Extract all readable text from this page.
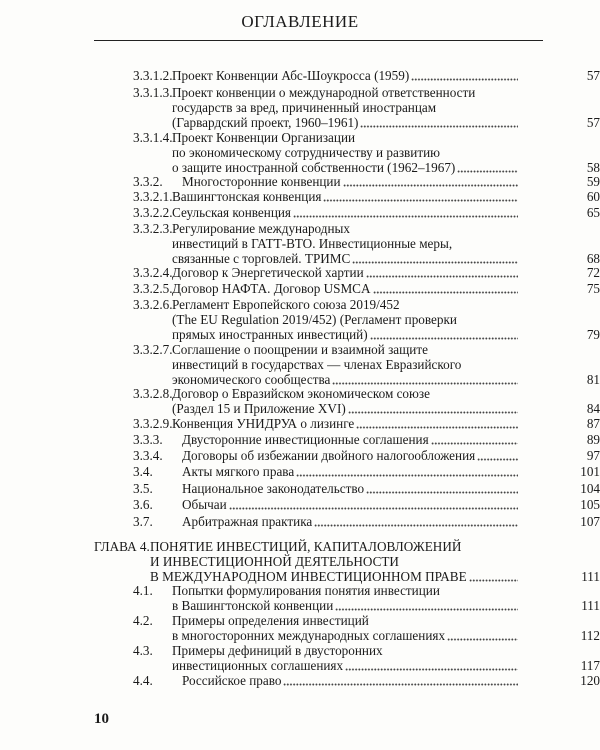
ОГЛАВЛЕНИЕ
3.3.1.2. Проект Конвенции Абс-Шоукросса (1959)	57
3.3.1.3. Проект конвенции о международной ответственности
государств за вред, причиненный иностранцам
(Гарвардский проект, 1960–1961)	57
3.3.1.4. Проект Конвенции Организации
по экономическому сотрудничеству и развитию
о защите иностранной собственности (1962–1967)	58
3.3.2. Многосторонние конвенции	59
3.3.2.1. Вашингтонская конвенция	60
3.3.2.2. Сеульская конвенция	65
3.3.2.3. Регулирование международных
инвестиций в ГАТТ-ВТО. Инвестиционные меры,
связанные с торговлей. ТРИМС	68
3.3.2.4. Договор к Энергетической хартии	72
3.3.2.5. Договор НАФТА. Договор USMCA	75
3.3.2.6. Регламент Европейского союза 2019/452
(The EU Regulation 2019/452) (Регламент проверки
прямых иностранных инвестиций)	79
3.3.2.7. Соглашение о поощрении и взаимной защите
инвестиций в государствах — членах Евразийского
экономического сообщества	81
3.3.2.8. Договор о Евразийском экономическом союзе
(Раздел 15 и Приложение XVI)	84
3.3.2.9. Конвенция УНИДРУА о лизинге	87
3.3.3. Двусторонние инвестиционные соглашения	89
3.3.4. Договоры об избежании двойного налогообложения	97
3.4. Акты мягкого права	101
3.5. Национальное законодательство	104
3.6. Обычаи	105
3.7. Арбитражная практика	107
ГЛАВА 4. ПОНЯТИЕ ИНВЕСТИЦИЙ, КАПИТАЛОВЛОЖЕНИЙ
И ИНВЕСТИЦИОННОЙ ДЕЯТЕЛЬНОСТИ
В МЕЖДУНАРОДНОМ ИНВЕСТИЦИОННОМ ПРАВЕ	111
4.1. Попытки формулирования понятия инвестиции
в Вашингтонской конвенции	111
4.2. Примеры определения инвестиций
в многосторонних международных соглашениях	112
4.3. Примеры дефиниций в двусторонних
инвестиционных соглашениях	117
4.4. Российское право	120
10
